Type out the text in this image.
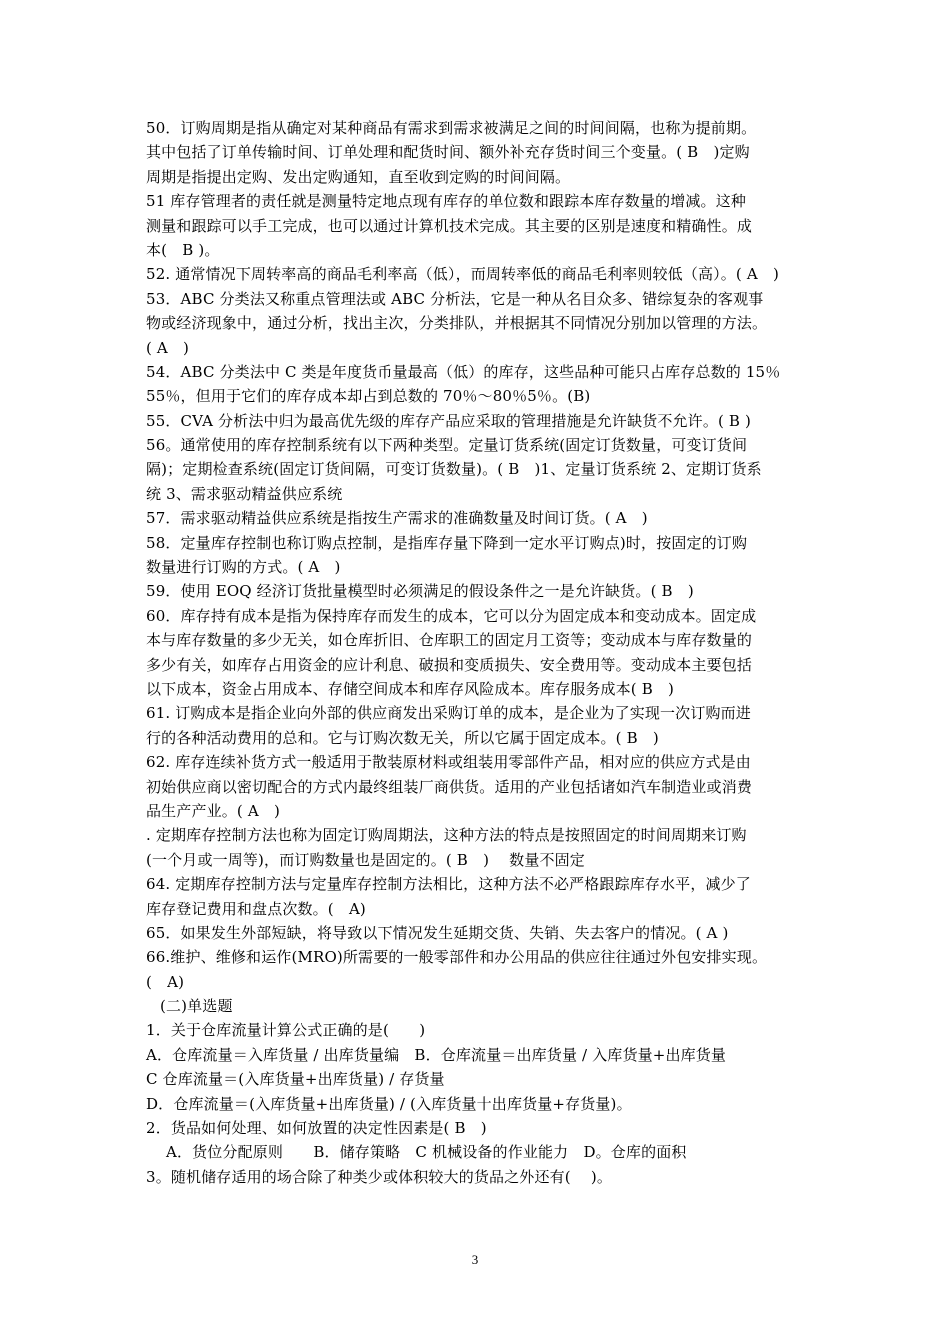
50．订购周期是指从确定对某种商品有需求到需求被满足之间的时间间隔，也称为提前期。
其中包括了订单传输时间、订单处理和配货时间、额外补充存货时间三个变量。( B　)定购
周期是指提出定购、发出定购通知，直至收到定购的时间间隔。
51 库存管理者的责任就是测量特定地点现有库存的单位数和跟踪本库存数量的增减。这种
测量和跟踪可以手工完成，也可以通过计算机技术完成。其主要的区别是速度和精确性。成
本(　B )。
52. 通常情况下周转率高的商品毛利率高（低），而周转率低的商品毛利率则较低（高）。( A　)
53．ABC 分类法又称重点管理法或 ABC 分析法，它是一种从名目众多、错综复杂的客观事
物或经济现象中，通过分析，找出主次，分类排队，并根据其不同情况分别加以管理的方法。
( A　)
54．ABC 分类法中 C 类是年度货币量最高（低）的库存，这些品种可能只占库存总数的 15％
55％，但用于它们的库存成本却占到总数的 70％～80％5％。(B)
55．CVA 分析法中归为最高优先级的库存产品应采取的管理措施是允许缺货不允许。( B )
56。通常使用的库存控制系统有以下两种类型。定量订货系统(固定订货数量，可变订货间
隔)；定期检查系统(固定订货间隔，可变订货数量)。( B　)1、定量订货系统 2、定期订货系
统 3、需求驱动精益供应系统
57．需求驱动精益供应系统是指按生产需求的准确数量及时间订货。( A　)
58．定量库存控制也称订购点控制，是指库存量下降到一定水平订购点)时，按固定的订购
数量进行订购的方式。( A　)
59．使用 EOQ 经济订货批量模型时必须满足的假设条件之一是允许缺货。( B　)
60．库存持有成本是指为保持库存而发生的成本，它可以分为固定成本和变动成本。固定成
本与库存数量的多少无关，如仓库折旧、仓库职工的固定月工资等；变动成本与库存数量的
多少有关，如库存占用资金的应计利息、破损和变质损失、安全费用等。变动成本主要包括
以下成本，资金占用成本、存储空间成本和库存风险成本。库存服务成本( B　)
61. 订购成本是指企业向外部的供应商发出采购订单的成本，是企业为了实现一次订购而进
行的各种活动费用的总和。它与订购次数无关，所以它属于固定成本。( B　)
62. 库存连续补货方式一般适用于散装原材料或组装用零部件产品，相对应的供应方式是由
初始供应商以密切配合的方式内最终组装厂商供货。适用的产业包括诸如汽车制造业或消费
品生产产业。( A　)
. 定期库存控制方法也称为固定订购周期法，这种方法的特点是按照固定的时间周期来订购
(一个月或一周等)，而订购数量也是固定的。( B　)　 数量不固定
64. 定期库存控制方法与定量库存控制方法相比，这种方法不必严格跟踪库存水平，减少了
库存登记费用和盘点次数。(　A)
65．如果发生外部短缺，将导致以下情况发生延期交货、失销、失去客户的情况。( A )
66.维护、维修和运作(MRO)所需要的一般零部件和办公用品的供应往往通过外包安排实现。
(　A)
(二)单选题
1．关于仓库流量计算公式正确的是(　　)
A．仓库流量＝入库货量 / 出库货量编　B．仓库流量＝出库货量 / 入库货量+出库货量
C 仓库流量＝(入库货量+出库货量) / 存货量
D．仓库流量＝(入库货量+出库货量) / (入库货量十出库货量+存货量)。
2．货品如何处理、如何放置的决定性因素是( B　)
A．货位分配原则　　B．储存策略　C 机械设备的作业能力　D。仓库的面积
3。随机储存适用的场合除了种类少或体积较大的货品之外还有(　 )。
3
